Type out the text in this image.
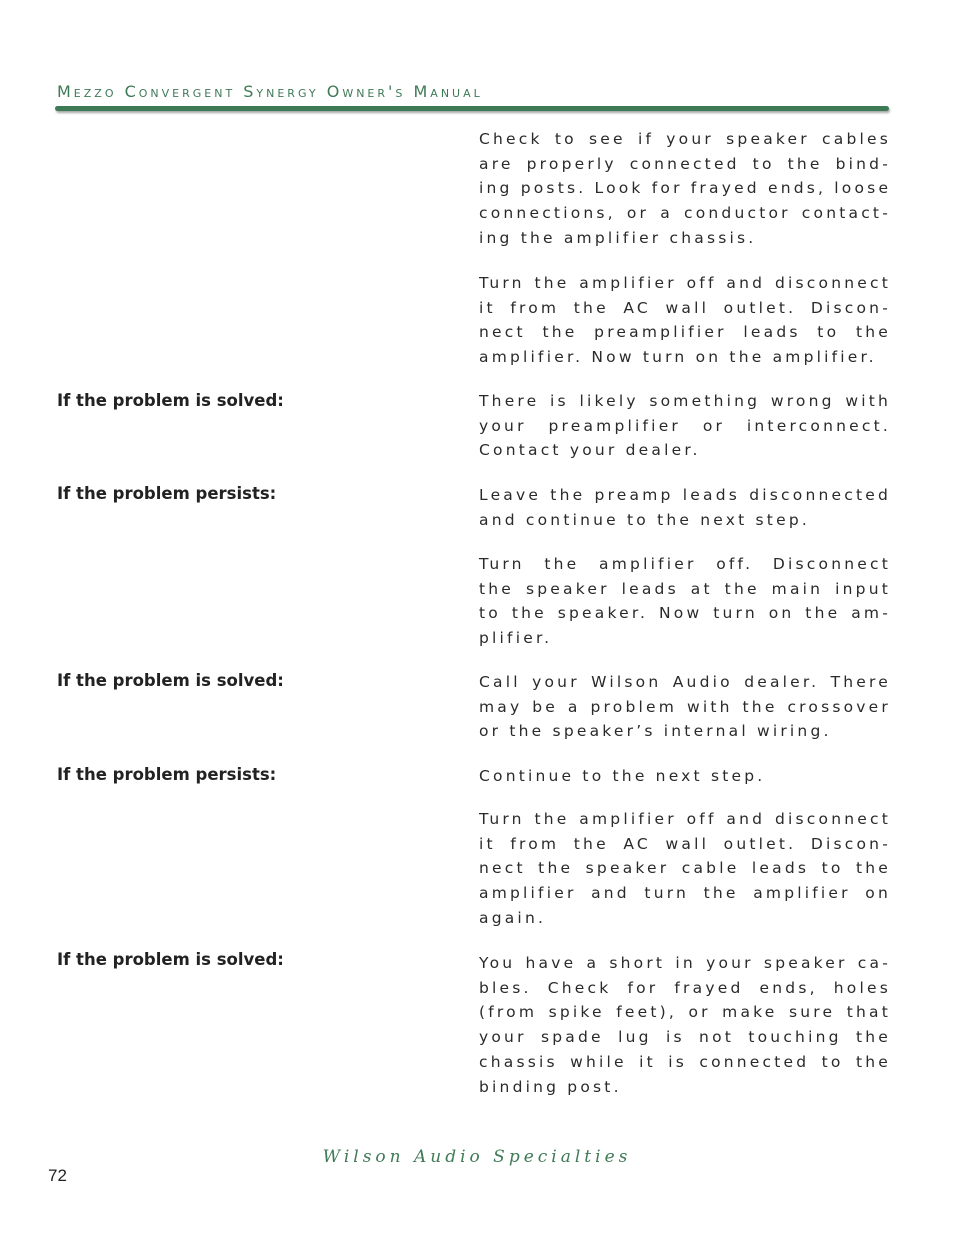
Mezzo Convergent Synergy Owner's Manual
Check to see if your speaker cables
are properly connected to the bind-
ing posts. Look for frayed ends, loose
connections, or a conductor contact-
ing the amplifier chassis.
Turn the amplifier off and disconnect
it from the AC wall outlet. Discon-
nect the preamplifier leads to the
amplifier. Now turn on the amplifier.
If the problem is solved:	There is likely something wrong with
your preamplifier or interconnect.
Contact your dealer.
If the problem persists:	Leave the preamp leads disconnected
and continue to the next step.
Turn the amplifier off. Disconnect
the speaker leads at the main input
to the speaker. Now turn on the am-
plifier.
If the problem is solved:	Call your Wilson Audio dealer. There
may be a problem with the crossover
or the speaker’s internal wiring.
If the problem persists:	Continue to the next step.
Turn the amplifier off and disconnect
it from the AC wall outlet. Discon-
nect the speaker cable leads to the
amplifier and turn the amplifier on
again.
If the problem is solved:	You have a short in your speaker ca-
bles. Check for frayed ends, holes
(from spike feet), or make sure that
your spade lug is not touching the
chassis while it is connected to the
binding post.
Wilson Audio Specialties
72
